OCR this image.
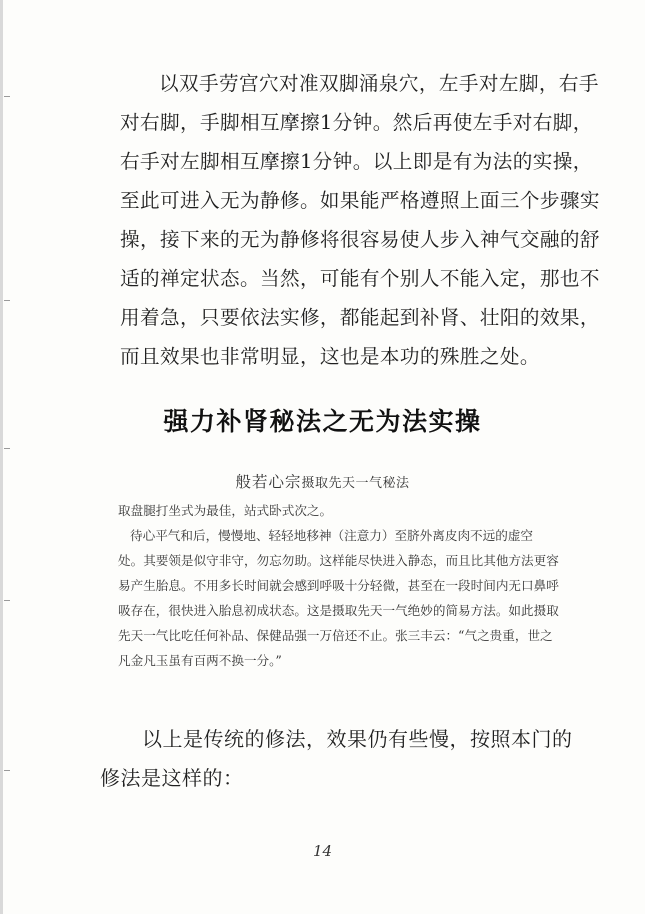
以双手劳宫穴对准双脚涌泉穴，左手对左脚，右手
对右脚，手脚相互摩擦1分钟。然后再使左手对右脚，
右手对左脚相互摩擦1分钟。以上即是有为法的实操，
至此可进入无为静修。如果能严格遵照上面三个步骤实
操，接下来的无为静修将很容易使人步入神气交融的舒
适的禅定状态。当然，可能有个别人不能入定，那也不
用着急，只要依法实修，都能起到补肾、壮阳的效果，
而且效果也非常明显，这也是本功的殊胜之处。

强力补肾秘法之无为法实操

般若心宗摄取先天一气秘法

取盘腿打坐式为最佳，站式卧式次之。
待心平气和后，慢慢地、轻轻地移神（注意力）至脐外离皮肉不远的虚空
处。其要领是似守非守，勿忘勿助。这样能尽快进入静态，而且比其他方法更容
易产生胎息。不用多长时间就会感到呼吸十分轻微，甚至在一段时间内无口鼻呼
吸存在，很快进入胎息初成状态。这是摄取先天一气绝妙的简易方法。如此摄取
先天一气比吃任何补品、保健品强一万倍还不止。张三丰云：“气之贵重，世之
凡金凡玉虽有百两不换一分。”

以上是传统的修法，效果仍有些慢，按照本门的
修法是这样的：

14
